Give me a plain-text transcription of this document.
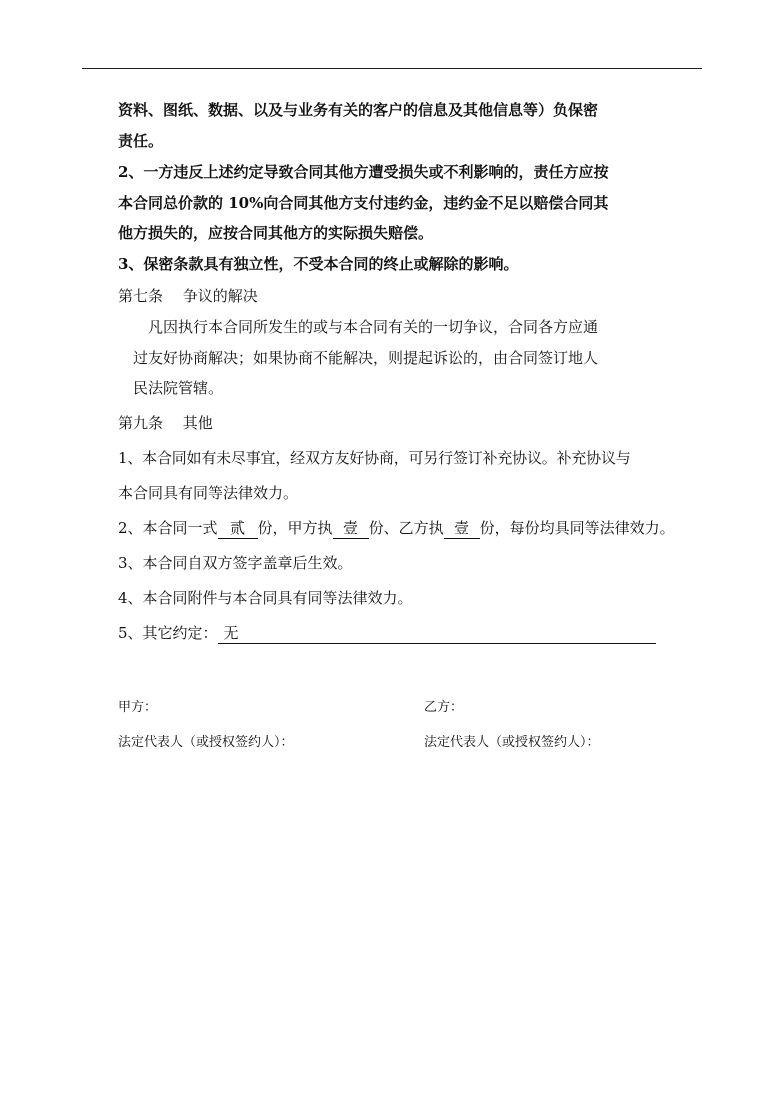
资料、图纸、数据、以及与业务有关的客户的信息及其他信息等）负保密
责任。
2、一方违反上述约定导致合同其他方遭受损失或不利影响的，责任方应按
本合同总价款的 10%向合同其他方支付违约金，违约金不足以赔偿合同其
他方损失的，应按合同其他方的实际损失赔偿。
3、保密条款具有独立性，不受本合同的终止或解除的影响。
第七条　 争议的解决
凡因执行本合同所发生的或与本合同有关的一切争议，合同各方应通
过友好协商解决；如果协商不能解决，则提起诉讼的，由合同签订地人
民法院管辖。
第九条　 其他
1、本合同如有未尽事宜，经双方友好协商，可另行签订补充协议。补充协议与
本合同具有同等法律效力。
2、本合同一式 贰 份，甲方执 壹 份、乙方执 壹 份，每份均具同等法律效力。
3、本合同自双方签字盖章后生效。
4、本合同附件与本合同具有同等法律效力。
5、其它约定： 无
甲方：	乙方：
法定代表人（或授权签约人）：	法定代表人（或授权签约人）：
